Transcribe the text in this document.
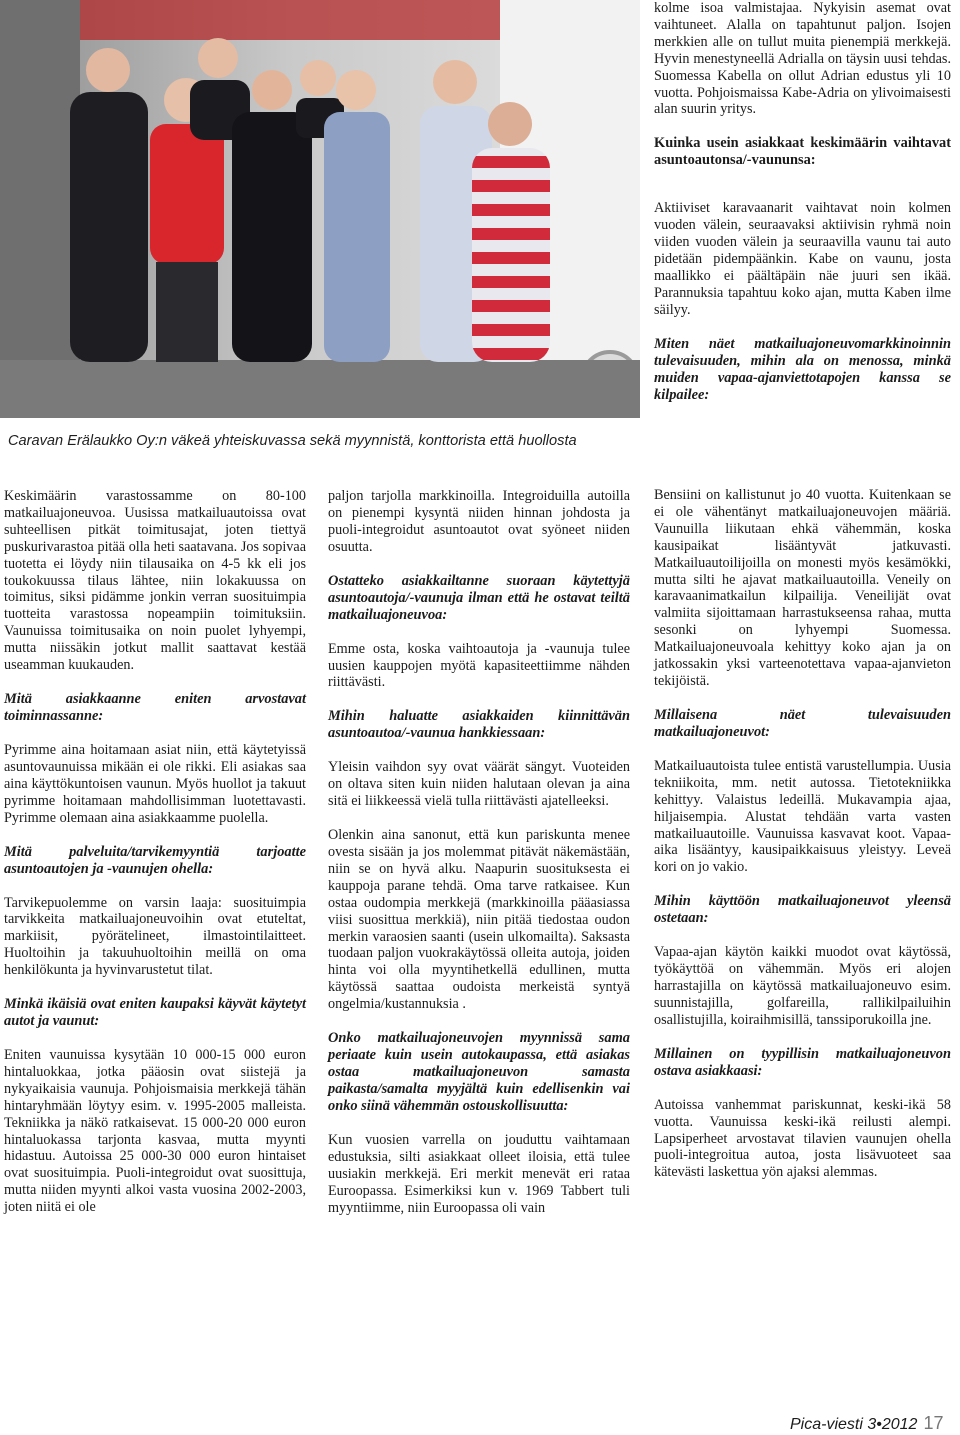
Caravan Erälaukko Oy:n väkeä yhteiskuvassa sekä myynnistä, konttorista että huollosta

kolme isoa valmistajaa. Nykyisin asemat ovat vaihtuneet. Alalla on tapahtunut paljon. Isojen merkkien alle on tullut muita pienempiä merkkejä. Hyvin menestyneellä Adrialla on täysin uusi tehdas. Suomessa Kabella on ollut Adrian edustus yli 10 vuotta. Pohjoismaissa Kabe-Adria on ylivoimaisesti alan suurin yritys.

Kuinka usein asiakkaat keskimäärin vaihtavat asuntoautonsa/-vaununsa:

Aktiiviset karavaanarit vaihtavat noin kolmen vuoden välein, seuraavaksi aktiivisin ryhmä noin viiden vuoden välein ja seuraavilla vaunu tai auto pidetään pidempäänkin. Kabe on vaunu, josta maallikko ei päältäpäin näe juuri sen ikää. Parannuksia tapahtuu koko ajan, mutta Kaben ilme säilyy.

Miten näet matkailuajoneuvomarkkinoinnin tulevaisuuden, mihin ala on menossa, minkä muiden vapaa-ajanviettotapojen kanssa se kilpailee:

Keskimäärin varastossamme on 80-100 matkailuajoneuvoa. Uusissa matkailuautoissa ovat suhteellisen pitkät toimitusajat, joten tiettyä puskurivarastoa pitää olla heti saatavana. Jos sopivaa tuotetta ei löydy niin tilausaika on 4-5 kk eli jos toukokuussa tilaus lähtee, niin lokakuussa on toimitus, siksi pidämme jonkin verran suosituimpia tuotteita varastossa nopeampiin toimituksiin. Vaunuissa toimitusaika on noin puolet lyhyempi, mutta niissäkin jotkut mallit saattavat kestää useamman kuukauden.

Mitä asiakkaanne eniten arvostavat toiminnassanne:

Pyrimme aina hoitamaan asiat niin, että käytetyissä asuntovaunuissa mikään ei ole rikki. Eli asiakas saa aina käyttökuntoisen vaunun. Myös huollot ja takuut pyrimme hoitamaan mahdollisimman luotettavasti. Pyrimme olemaan aina asiakkaamme puolella.

Mitä palveluita/tarvikemyyntiä tarjoatte asuntoautojen ja -vaunujen ohella:

Tarvikepuolemme on varsin laaja: suosituimpia tarvikkeita matkailuajoneuvoihin ovat etuteltat, markiisit, pyörätelineet, ilmastointilaitteet. Huoltoihin ja takuuhuoltoihin meillä on oma henkilökunta ja hyvinvarustetut tilat.

Minkä ikäisiä ovat eniten kaupaksi käyvät käytetyt autot ja vaunut:

Eniten vaunuissa kysytään 10 000-15 000 euron hintaluokkaa, jotka pääosin ovat siistejä ja nykyaikaisia vaunuja. Pohjoismaisia merkkejä tähän hintaryhmään löytyy esim. v. 1995-2005 malleista. Tekniikka ja näkö ratkaisevat. 15 000-20 000 euron hintaluokassa tarjonta kasvaa, mutta myynti hidastuu. Autoissa 25 000-30 000 euron hintaiset ovat suosituimpia. Puoli-integroidut ovat suosittuja, mutta niiden myynti alkoi vasta vuosina 2002-2003, joten niitä ei ole

paljon tarjolla markkinoilla. Integroiduilla autoilla on pienempi kysyntä niiden hinnan johdosta ja puoli-integroidut asuntoautot ovat syöneet niiden osuutta.

Ostatteko asiakkailtanne suoraan käytettyjä asuntoautoja/-vaunuja ilman että he ostavat teiltä matkailuajoneuvoa:

Emme osta, koska vaihtoautoja ja -vaunuja tulee uusien kauppojen myötä kapasiteettiimme nähden riittävästi.

Mihin haluatte asiakkaiden kiinnittävän asuntoautoa/-vaunua hankkiessaan:

Yleisin vaihdon syy ovat väärät sängyt. Vuoteiden on oltava siten kuin niiden halutaan olevan ja aina sitä ei liikkeessä vielä tulla riittävästi ajatelleeksi.

Olenkin aina sanonut, että kun pariskunta menee ovesta sisään ja jos molemmat pitävät näkemästään, niin se on hyvä alku. Naapurin suosituksesta ei kauppoja parane tehdä. Oma tarve ratkaisee. Kun ostaa oudompia merkkejä (markkinoilla pääasiassa viisi suosittua merkkiä), niin pitää tiedostaa oudon merkin varaosien saanti (usein ulkomailta). Saksasta tuodaan paljon vuokrakäytössä olleita autoja, joiden hinta voi olla myyntihetkellä edullinen, mutta käytössä saattaa oudoista merkeistä syntyä ongelmia/kustannuksia .

Onko matkailuajoneuvojen myynnissä sama periaate kuin usein autokaupassa, että asiakas ostaa matkailuajoneuvon samasta paikasta/samalta myyjältä kuin edellisenkin vai onko siinä vähemmän ostouskollisuutta:

Kun vuosien varrella on jouduttu vaihtamaan edustuksia, silti asiakkaat olleet iloisia, että tulee uusiakin merkkejä. Eri merkit menevät eri rataa Euroopassa. Esimerkiksi kun v. 1969 Tabbert tuli myyntiimme, niin Euroopassa oli vain

Bensiini on kallistunut jo 40 vuotta. Kuitenkaan se ei ole vähentänyt matkailuajoneuvojen määriä. Vaunuilla liikutaan ehkä vähemmän, koska kausipaikat lisääntyvät jatkuvasti. Matkailuautoilijoilla on monesti myös kesämökki, mutta silti he ajavat matkailuautoilla. Veneily on karavaanimatkailun kilpailija. Veneilijät ovat valmiita sijoittamaan harrastukseensa rahaa, mutta sesonki on lyhyempi Suomessa. Matkailuajoneuvoala kehittyy koko ajan ja on jatkossakin yksi varteenotettava vapaa-ajanvieton tekijöistä.

Millaisena näet tulevaisuuden matkailuajoneuvot:

Matkailuautoista tulee entistä varustellumpia. Uusia tekniikoita, mm. netit autossa. Tietotekniikka kehittyy. Valaistus ledeillä. Mukavampia ajaa, hiljaisempia. Alustat tehdään varta vasten matkailuautoille. Vaunuissa kasvavat koot. Vapaa-aika lisääntyy, kausipaikkaisuus yleistyy. Leveä kori on jo vakio.

Mihin käyttöön matkailuajoneuvot yleensä ostetaan:

Vapaa-ajan käytön kaikki muodot ovat käytössä, työkäyttöä on vähemmän. Myös eri alojen harrastajilla on käytössä matkailuajoneuvo esim. suunnistajilla, golfareilla, rallikilpailuihin osallistujilla, koiraihmisillä, tanssiporukoilla jne.

Millainen on tyypillisin matkailuajoneuvon ostava asiakkaasi:

Autoissa vanhemmat pariskunnat, keski-ikä 58 vuotta. Vaunuissa keski-ikä reilusti alempi. Lapsiperheet arvostavat tilavien vaunujen ohella puoli-integroitua autoa, josta lisävuoteet saa kätevästi laskettua yön ajaksi alemmas.

Pica-viesti 3•2012 17
